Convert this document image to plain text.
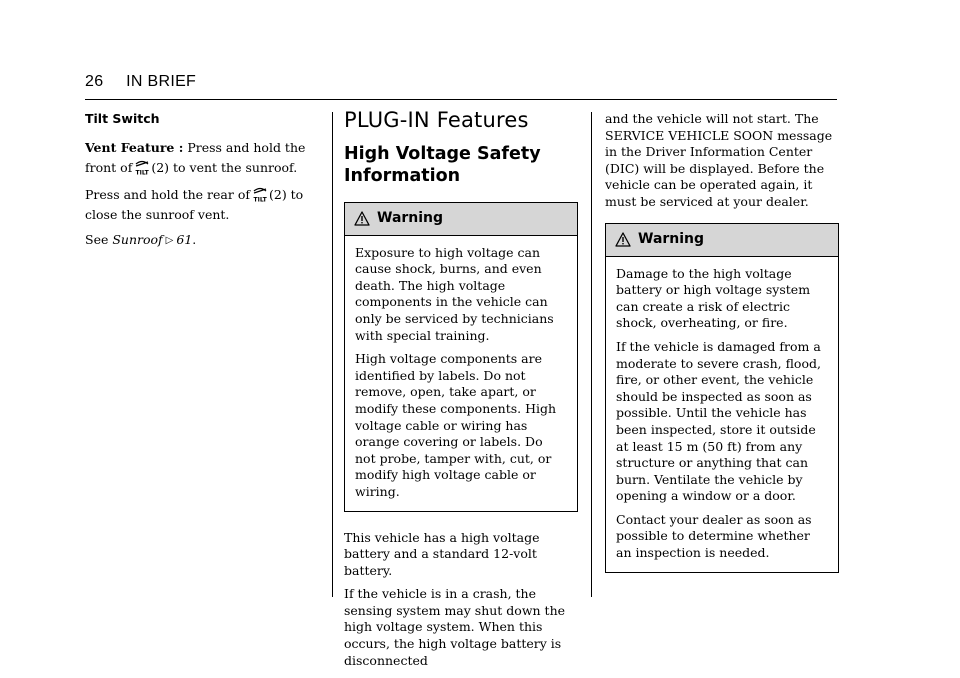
26 IN BRIEF
Tilt Switch

Vent Feature : Press and hold the front of TILT (2) to vent the sunroof.

Press and hold the rear of TILT (2) to close the sunroof vent.

See Sunroof ▷ 61.

PLUG-IN Features
High Voltage Safety Information
Warning

Exposure to high voltage can cause shock, burns, and even death. The high voltage components in the vehicle can only be serviced by technicians with special training.

High voltage components are identified by labels. Do not remove, open, take apart, or modify these components. High voltage cable or wiring has orange covering or labels. Do not probe, tamper with, cut, or modify high voltage cable or wiring.

This vehicle has a high voltage battery and a standard 12-volt battery.

If the vehicle is in a crash, the sensing system may shut down the high voltage system. When this occurs, the high voltage battery is disconnected

and the vehicle will not start. The SERVICE VEHICLE SOON message in the Driver Information Center (DIC) will be displayed. Before the vehicle can be operated again, it must be serviced at your dealer.

Warning

Damage to the high voltage battery or high voltage system can create a risk of electric shock, overheating, or fire.

If the vehicle is damaged from a moderate to severe crash, flood, fire, or other event, the vehicle should be inspected as soon as possible. Until the vehicle has been inspected, store it outside at least 15 m (50 ft) from any structure or anything that can burn. Ventilate the vehicle by opening a window or a door.

Contact your dealer as soon as possible to determine whether an inspection is needed.
